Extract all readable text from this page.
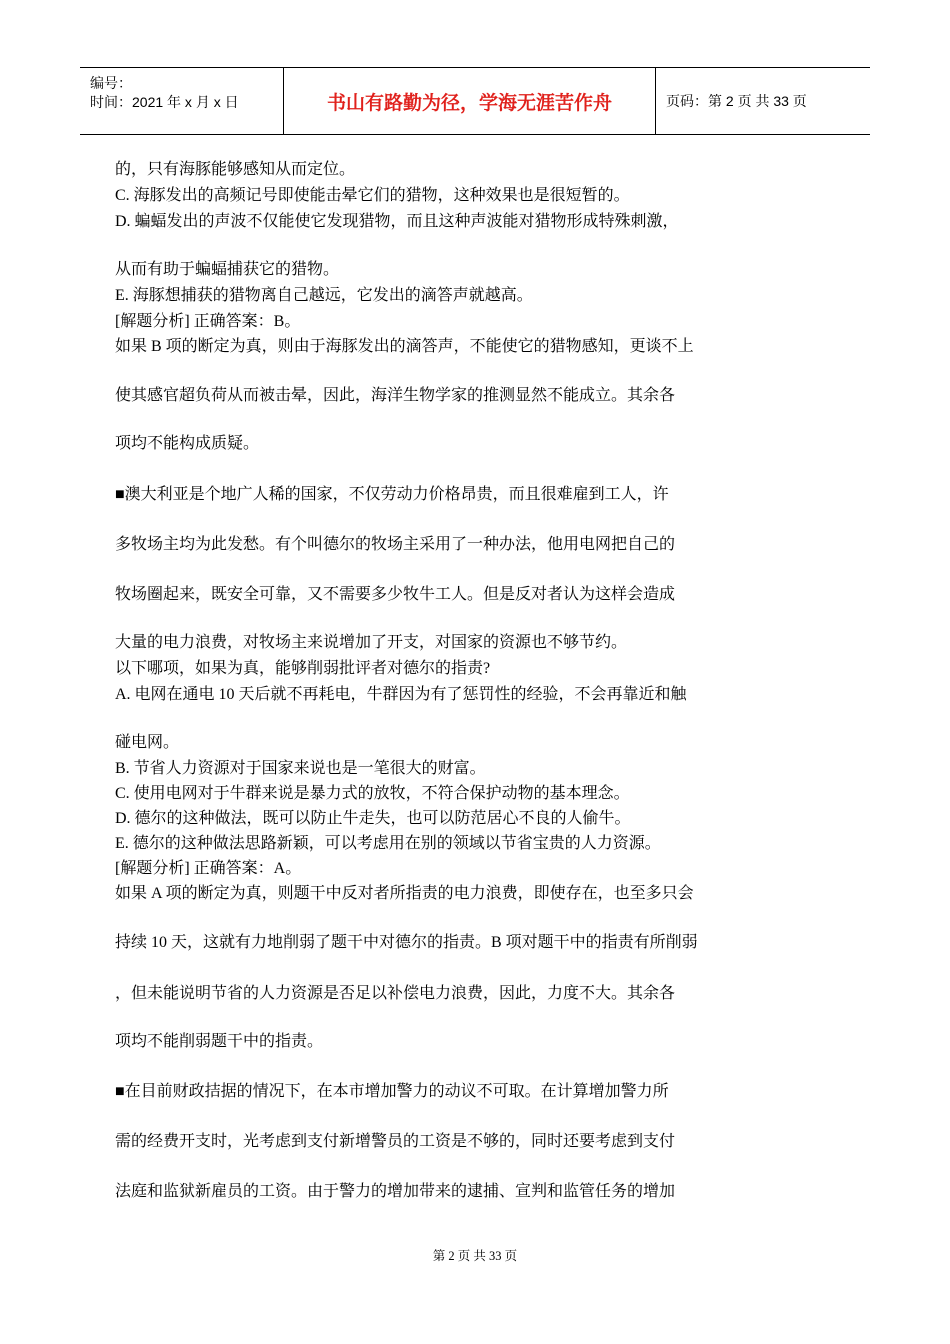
编号：
时间：2021 年 x 月 x 日	书山有路勤为径，学海无涯苦作舟	页码：第 2 页 共 33 页
的，只有海豚能够感知从而定位。
C. 海豚发出的高频记号即使能击晕它们的猎物，这种效果也是很短暂的。
D. 蝙蝠发出的声波不仅能使它发现猎物，而且这种声波能对猎物形成特殊刺激，
从而有助于蝙蝠捕获它的猎物。
E. 海豚想捕获的猎物离自己越远，它发出的滴答声就越高。
[解题分析] 正确答案：B。
如果 B 项的断定为真，则由于海豚发出的滴答声，不能使它的猎物感知，更谈不上
使其感官超负荷从而被击晕，因此，海洋生物学家的推测显然不能成立。其余各
项均不能构成质疑。
■澳大利亚是个地广人稀的国家，不仅劳动力价格昂贵，而且很难雇到工人，许
多牧场主均为此发愁。有个叫德尔的牧场主采用了一种办法，他用电网把自己的
牧场圈起来，既安全可靠，又不需要多少牧牛工人。但是反对者认为这样会造成
大量的电力浪费，对牧场主来说增加了开支，对国家的资源也不够节约。
以下哪项，如果为真，能够削弱批评者对德尔的指责?
A. 电网在通电 10 天后就不再耗电，牛群因为有了惩罚性的经验，不会再靠近和触
碰电网。
B. 节省人力资源对于国家来说也是一笔很大的财富。
C. 使用电网对于牛群来说是暴力式的放牧，不符合保护动物的基本理念。
D. 德尔的这种做法，既可以防止牛走失，也可以防范居心不良的人偷牛。
E. 德尔的这种做法思路新颖，可以考虑用在别的领域以节省宝贵的人力资源。
[解题分析] 正确答案：A。
如果 A 项的断定为真，则题干中反对者所指责的电力浪费，即使存在，也至多只会
持续 10 天，这就有力地削弱了题干中对德尔的指责。B 项对题干中的指责有所削弱
，但未能说明节省的人力资源是否足以补偿电力浪费，因此，力度不大。其余各
项均不能削弱题干中的指责。
■在目前财政拮据的情况下，在本市增加警力的动议不可取。在计算增加警力所
需的经费开支时，光考虑到支付新增警员的工资是不够的，同时还要考虑到支付
法庭和监狱新雇员的工资。由于警力的增加带来的逮捕、宣判和监管任务的增加
第 2 页 共 33 页
